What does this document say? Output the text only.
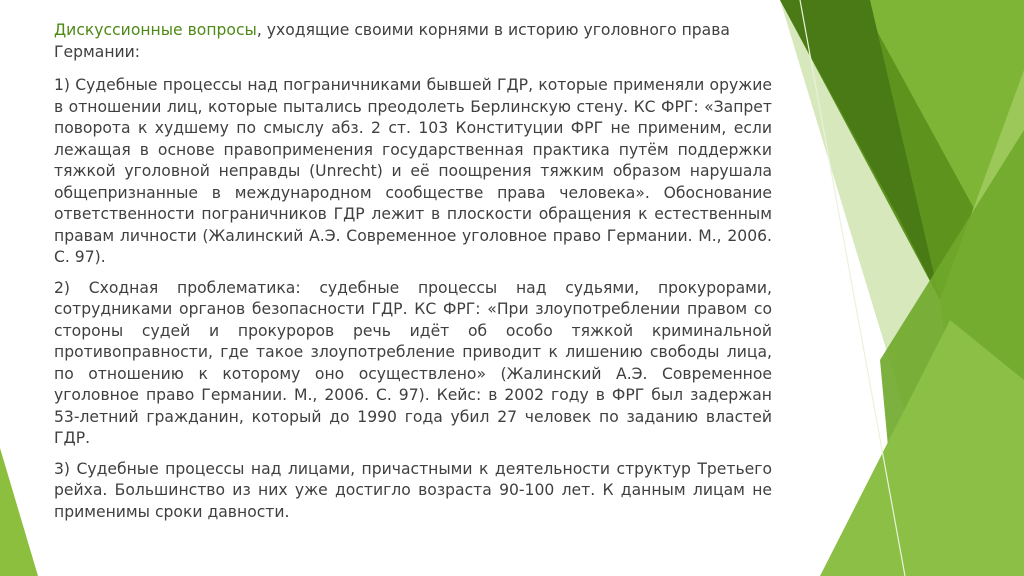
Дискуссионные вопросы, уходящие своими корнями в историю уголовного права Германии:

1) Судебные процессы над пограничниками бывшей ГДР, которые применяли оружие в отношении лиц, которые пытались преодолеть Берлинскую стену. КС ФРГ: «Запрет поворота к худшему по смыслу абз. 2 ст. 103 Конституции ФРГ не применим, если лежащая в основе правоприменения государственная практика путём поддержки тяжкой уголовной неправды (Unrecht) и её поощрения тяжким образом нарушала общепризнанные в международном сообществе права человека». Обоснование ответственности пограничников ГДР лежит в плоскости обращения к естественным правам личности (Жалинский А.Э. Современное уголовное право Германии. М., 2006. С. 97).

2) Сходная проблематика: судебные процессы над судьями, прокурорами, сотрудниками органов безопасности ГДР. КС ФРГ: «При злоупотреблении правом со стороны судей и прокуроров речь идёт об особо тяжкой криминальной противоправности, где такое злоупотребление приводит к лишению свободы лица, по отношению к которому оно осуществлено» (Жалинский А.Э. Современное уголовное право Германии. М., 2006. С. 97). Кейс: в 2002 году в ФРГ был задержан 53-летний гражданин, который до 1990 года убил 27 человек по заданию властей ГДР.

3) Судебные процессы над лицами, причастными к деятельности структур Третьего рейха. Большинство из них уже достигло возраста 90-100 лет. К данным лицам не применимы сроки давности.
